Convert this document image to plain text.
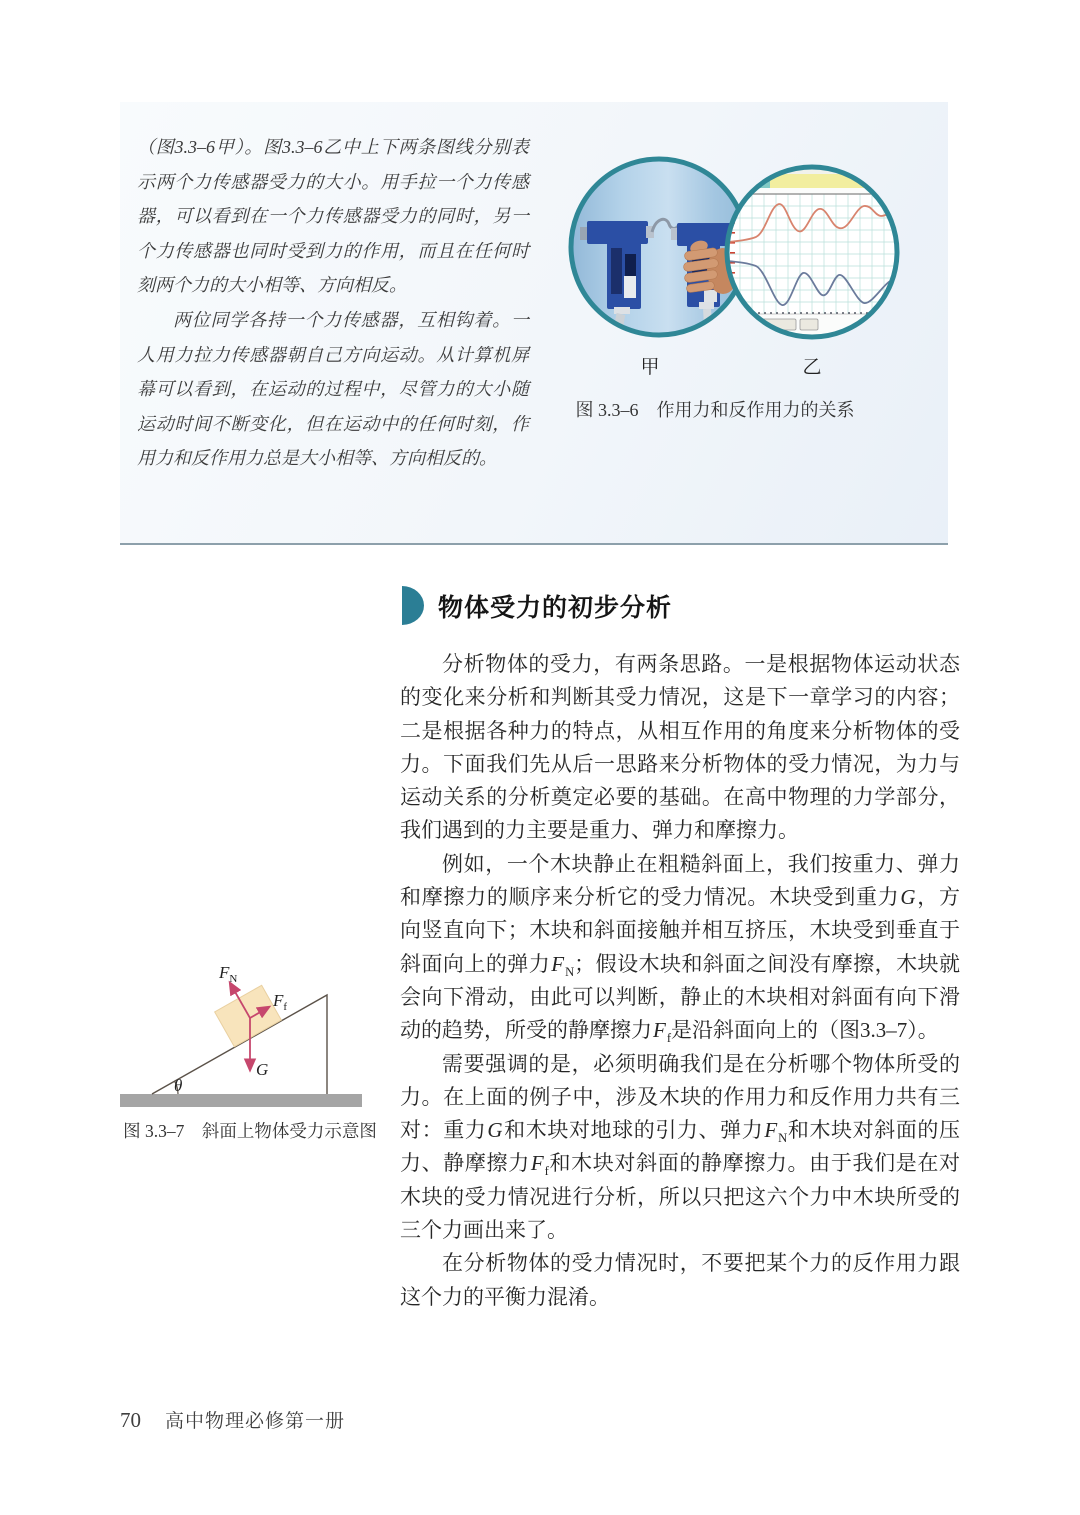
（图3.3–6甲）。图3.3–6乙中上下两条图线分别表示两个力传感器受力的大小。用手拉一个力传感器，可以看到在一个力传感器受力的同时，另一个力传感器也同时受到力的作用，而且在任何时刻两个力的大小相等、方向相反。

两位同学各持一个力传感器，互相钩着。一人用力拉力传感器朝自己方向运动。从计算机屏幕可以看到，在运动的过程中，尽管力的大小随运动时间不断变化，但在运动中的任何时刻，作用力和反作用力总是大小相等、方向相反的。

甲	乙
图 3.3–6　作用力和反作用力的关系
物体受力的初步分析

分析物体的受力，有两条思路。一是根据物体运动状态的变化来分析和判断其受力情况，这是下一章学习的内容；二是根据各种力的特点，从相互作用的角度来分析物体的受力。下面我们先从后一思路来分析物体的受力情况，为力与运动关系的分析奠定必要的基础。在高中物理的力学部分，我们遇到的力主要是重力、弹力和摩擦力。

例如，一个木块静止在粗糙斜面上，我们按重力、弹力和摩擦力的顺序来分析它的受力情况。木块受到重力G，方向竖直向下；木块和斜面接触并相互挤压，木块受到垂直于斜面向上的弹力$F_N$；假设木块和斜面之间没有摩擦，木块就会向下滑动，由此可以判断，静止的木块相对斜面有向下滑动的趋势，所受的静摩擦力$F_f$是沿斜面向上的（图3.3–7）。

需要强调的是，必须明确我们是在分析哪个物体所受的力。在上面的例子中，涉及木块的作用力和反作用力共有三对：重力G和木块对地球的引力、弹力$F_N$和木块对斜面的压力、静摩擦力$F_f$和木块对斜面的静摩擦力。由于我们是在对木块的受力情况进行分析，所以只把这六个力中木块所受的三个力画出来了。

在分析物体的受力情况时，不要把某个力的反作用力跟这个力的平衡力混淆。

$F_N$
$F_f$
G
θ
图 3.3–7　斜面上物体受力示意图
70 高中物理必修第一册
